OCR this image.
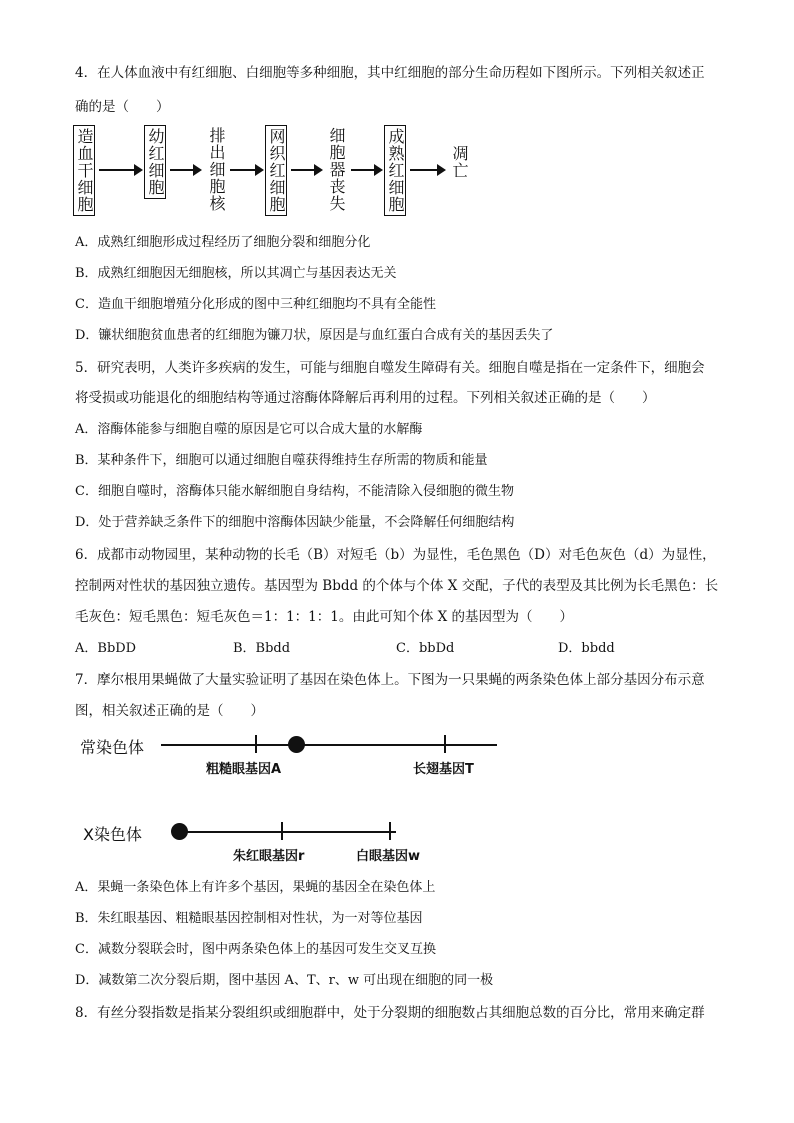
4．在人体血液中有红细胞、白细胞等多种细胞，其中红细胞的部分生命历程如下图所示。下列相关叙述正
确的是（　　）
造血干细胞	幼红细胞	排出细胞核	网织红细胞	细胞器丧失	成熟红细胞	凋亡
A．成熟红细胞形成过程经历了细胞分裂和细胞分化
B．成熟红细胞因无细胞核，所以其凋亡与基因表达无关
C．造血干细胞增殖分化形成的图中三种红细胞均不具有全能性
D．镰状细胞贫血患者的红细胞为镰刀状，原因是与血红蛋白合成有关的基因丢失了
5．研究表明，人类许多疾病的发生，可能与细胞自噬发生障碍有关。细胞自噬是指在一定条件下，细胞会
将受损或功能退化的细胞结构等通过溶酶体降解后再利用的过程。下列相关叙述正确的是（　　）
A．溶酶体能参与细胞自噬的原因是它可以合成大量的水解酶
B．某种条件下，细胞可以通过细胞自噬获得维持生存所需的物质和能量
C．细胞自噬时，溶酶体只能水解细胞自身结构，不能清除入侵细胞的微生物
D．处于营养缺乏条件下的细胞中溶酶体因缺少能量，不会降解任何细胞结构
6．成都市动物园里，某种动物的长毛（B）对短毛（b）为显性，毛色黑色（D）对毛色灰色（d）为显性，
控制两对性状的基因独立遗传。基因型为 Bbdd 的个体与个体 X 交配，子代的表型及其比例为长毛黑色：长
毛灰色：短毛黑色：短毛灰色＝1：1：1：1。由此可知个体 X 的基因型为（　　）
A．BbDD	B．Bbdd	C．bbDd	D．bbdd
7．摩尔根用果蝇做了大量实验证明了基因在染色体上。下图为一只果蝇的两条染色体上部分基因分布示意
图，相关叙述正确的是（　　）
常染色体
粗糙眼基因A	长翅基因T
X染色体
朱红眼基因r	白眼基因w
A．果蝇一条染色体上有许多个基因，果蝇的基因全在染色体上
B．朱红眼基因、粗糙眼基因控制相对性状，为一对等位基因
C．减数分裂联会时，图中两条染色体上的基因可发生交叉互换
D．减数第二次分裂后期，图中基因 A、T、r、w 可出现在细胞的同一极
8．有丝分裂指数是指某分裂组织或细胞群中，处于分裂期的细胞数占其细胞总数的百分比，常用来确定群
